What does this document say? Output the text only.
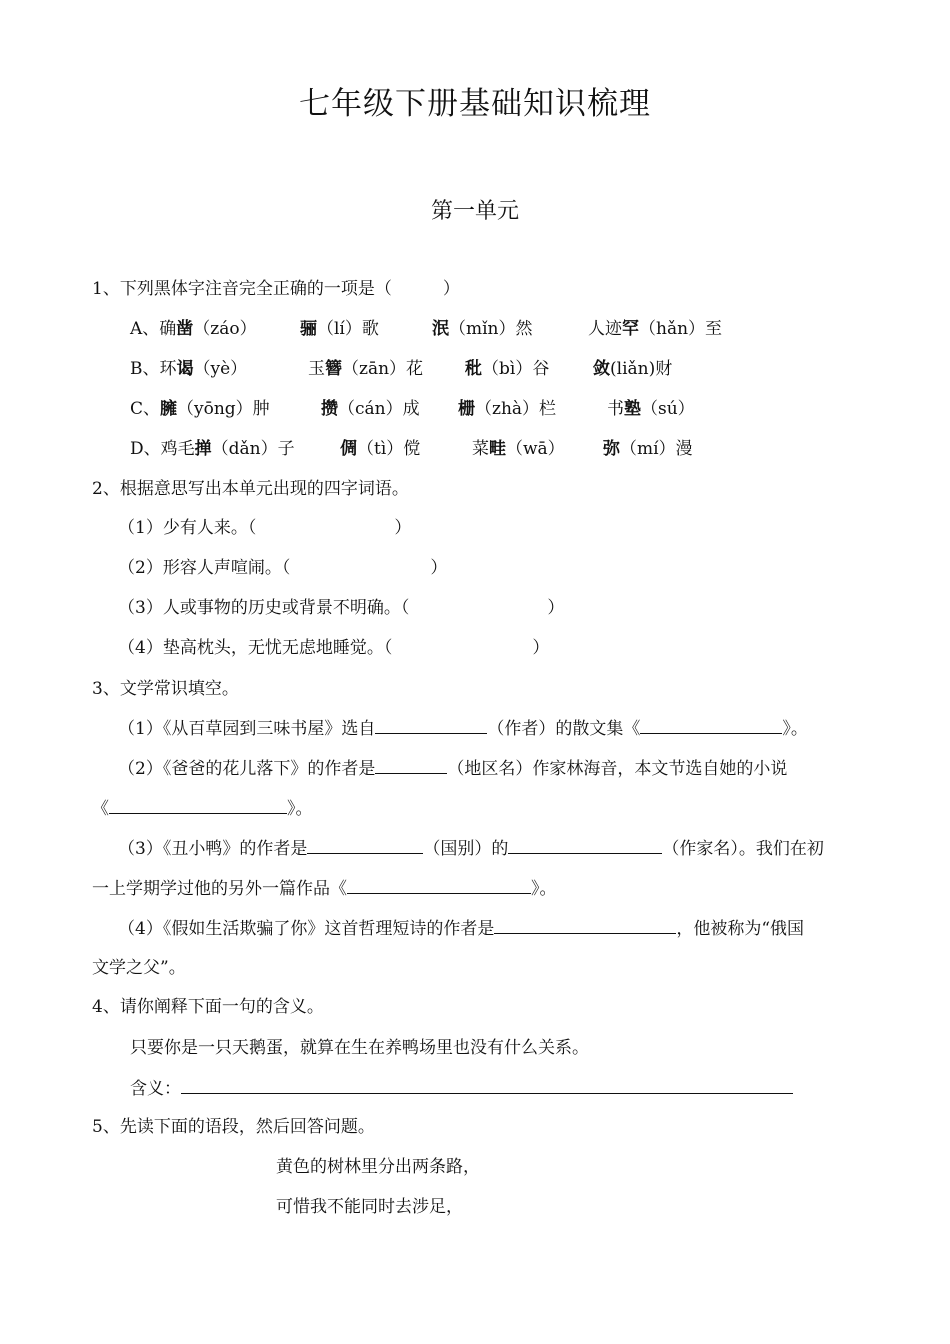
七年级下册基础知识梳理
第一单元
1、下列黑体字注音完全正确的一项是（　　　）
A、确凿（záo）	骊（lí）歌	泯（mǐn）然	人迹罕（hǎn）至
B、环谒（yè）	玉簪（zān）花 秕（bì）谷	敛(liǎn)财
C、臃（yōng）肿	攒（cán）成 栅（zhà）栏	书塾（sú）
D、鸡毛掸（dǎn）子	倜（tì）傥	菜畦（wā） 弥（mí）漫
2、根据意思写出本单元出现的四字词语。
（1）少有人来。（	）
（2）形容人声喧闹。（	）
（3）人或事物的历史或背景不明确。（	）
（4）垫高枕头，无忧无虑地睡觉。（	）
3、文学常识填空。
（1）《从百草园到三味书屋》选自	（作者）的散文集《	》。
（2）《爸爸的花儿落下》的作者是	（地区名）作家林海音，本文节选自她的小说
《	》。
（3）《丑小鸭》的作者是	（国别）的	（作家名）。我们在初
一上学期学过他的另外一篇作品《	》。
（4）《假如生活欺骗了你》这首哲理短诗的作者是	，他被称为“俄国
文学之父”。
4、请你阐释下面一句的含义。
只要你是一只天鹅蛋，就算在生在养鸭场里也没有什么关系。
含义：
5、先读下面的语段，然后回答问题。
黄色的树林里分出两条路，
可惜我不能同时去涉足，
